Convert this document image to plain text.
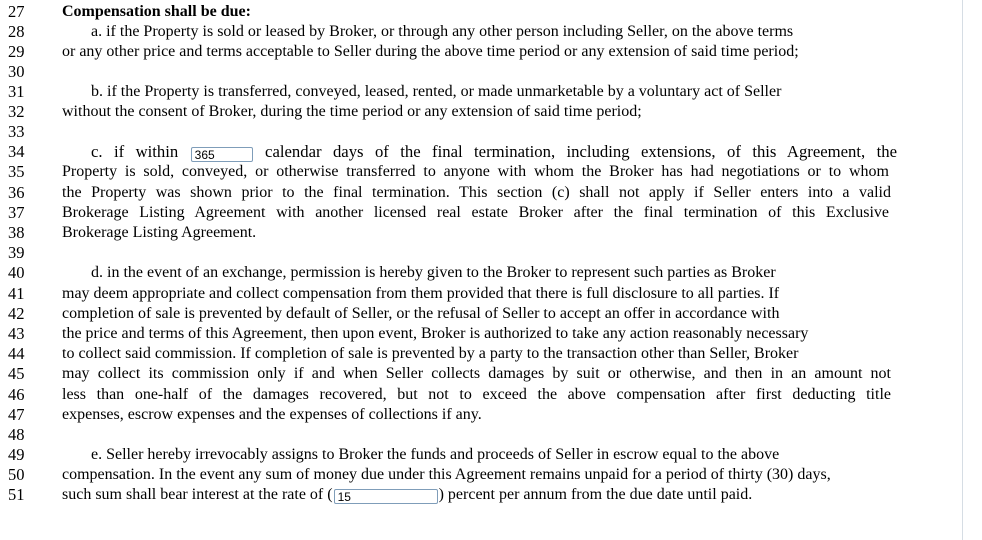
27
28
29
30
31
32
33
34
35
36
37
38
39
40
41
42
43
44
45
46
47
48
49
50
51
Compensation shall be due:
a. if the Property is sold or leased by Broker, or through any other person including Seller, on the above terms
or any other price and terms acceptable to Seller during the above time period or any extension of said time period;
b. if the Property is transferred, conveyed, leased, rented, or made unmarketable by a voluntary act of Seller
without the consent of Broker, during the time period or any extension of said time period;
c. if within 365	calendar days of the final termination, including extensions, of this Agreement, the
Property is sold, conveyed, or otherwise transferred to anyone with whom the Broker has had negotiations or to whom
the Property was shown prior to the final termination. This section (c) shall not apply if Seller enters into a valid
Brokerage Listing Agreement with another licensed real estate Broker after the final termination of this Exclusive
Brokerage Listing Agreement.
d. in the event of an exchange, permission is hereby given to the Broker to represent such parties as Broker
may deem appropriate and collect compensation from them provided that there is full disclosure to all parties. If
completion of sale is prevented by default of Seller, or the refusal of Seller to accept an offer in accordance with
the price and terms of this Agreement, then upon event, Broker is authorized to take any action reasonably necessary
to collect said commission. If completion of sale is prevented by a party to the transaction other than Seller, Broker
may collect its commission only if and when Seller collects damages by suit or otherwise, and then in an amount not
less than one-half of the damages recovered, but not to exceed the above compensation after first deducting title
expenses, escrow expenses and the expenses of collections if any.
e. Seller hereby irrevocably assigns to Broker the funds and proceeds of Seller in escrow equal to the above
compensation. In the event any sum of money due under this Agreement remains unpaid for a period of thirty (30) days,
such sum shall bear interest at the rate of ( 15	) percent per annum from the due date until paid.
